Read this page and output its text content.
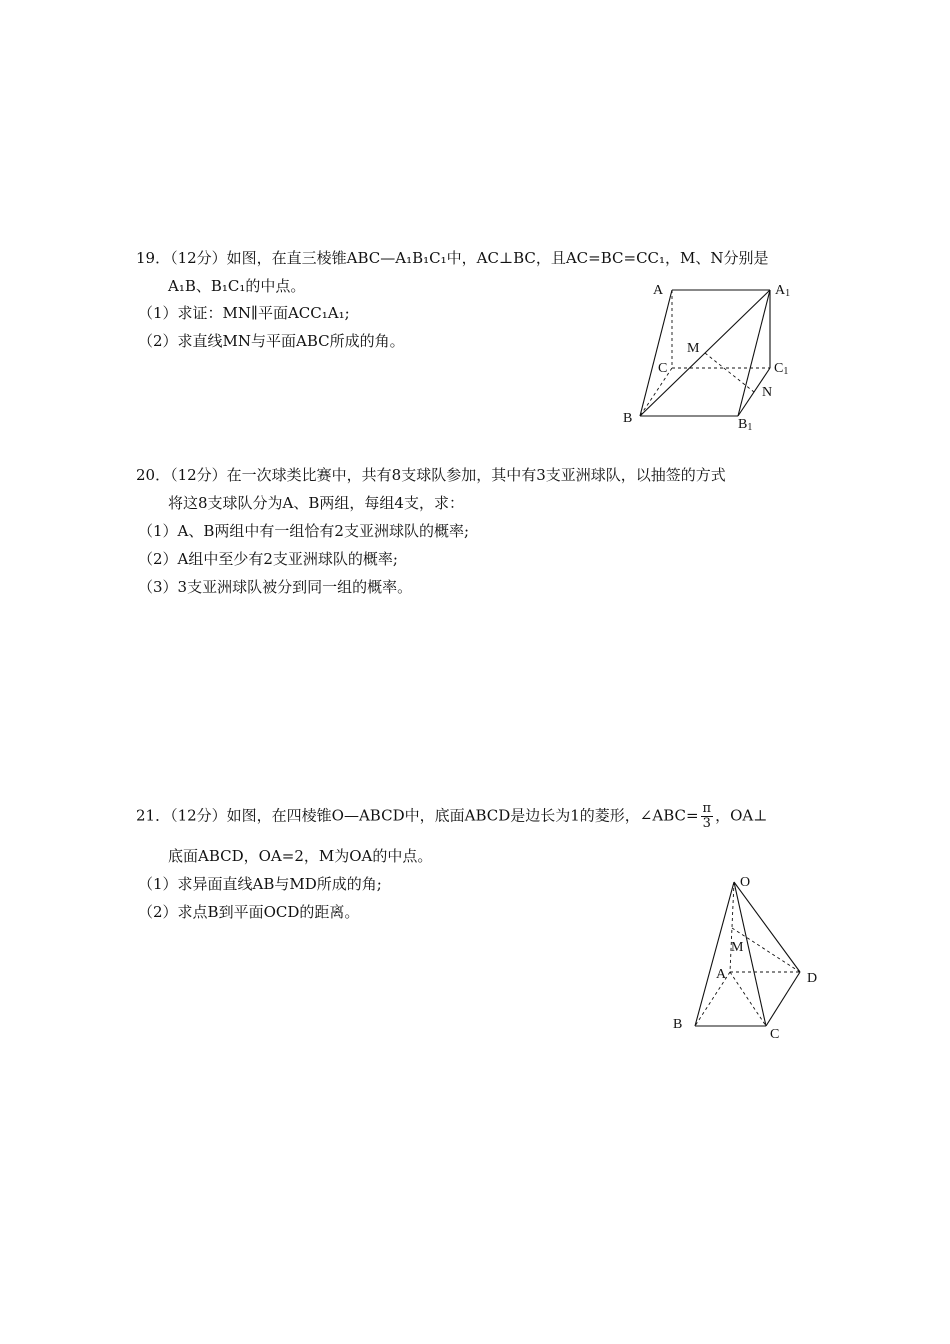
19．（12分）如图，在直三棱锥ABC—A₁B₁C₁中，AC⊥BC，且AC=BC=CC₁，M、N分别是
A₁B、B₁C₁的中点。
（1）求证：MN∥平面ACC₁A₁;
（2）求直线MN与平面ABC所成的角。
A	A1
M
C	C1
N
B	B1
20．（12分）在一次球类比赛中，共有8支球队参加，其中有3支亚洲球队，以抽签的方式
将这8支球队分为A、B两组，每组4支，求：
（1）A、B两组中有一组恰有2支亚洲球队的概率;
（2）A组中至少有2支亚洲球队的概率;
（3）3支亚洲球队被分到同一组的概率。
21．（12分）如图，在四棱锥O—ABCD中，底面ABCD是边长为1的菱形，∠ABC= $\frac{\pi}{3}$ ，OA⊥
底面ABCD，OA=2，M为OA的中点。
（1）求异面直线AB与MD所成的角;
（2）求点B到平面OCD的距离。
O
M
A	D
B
C
